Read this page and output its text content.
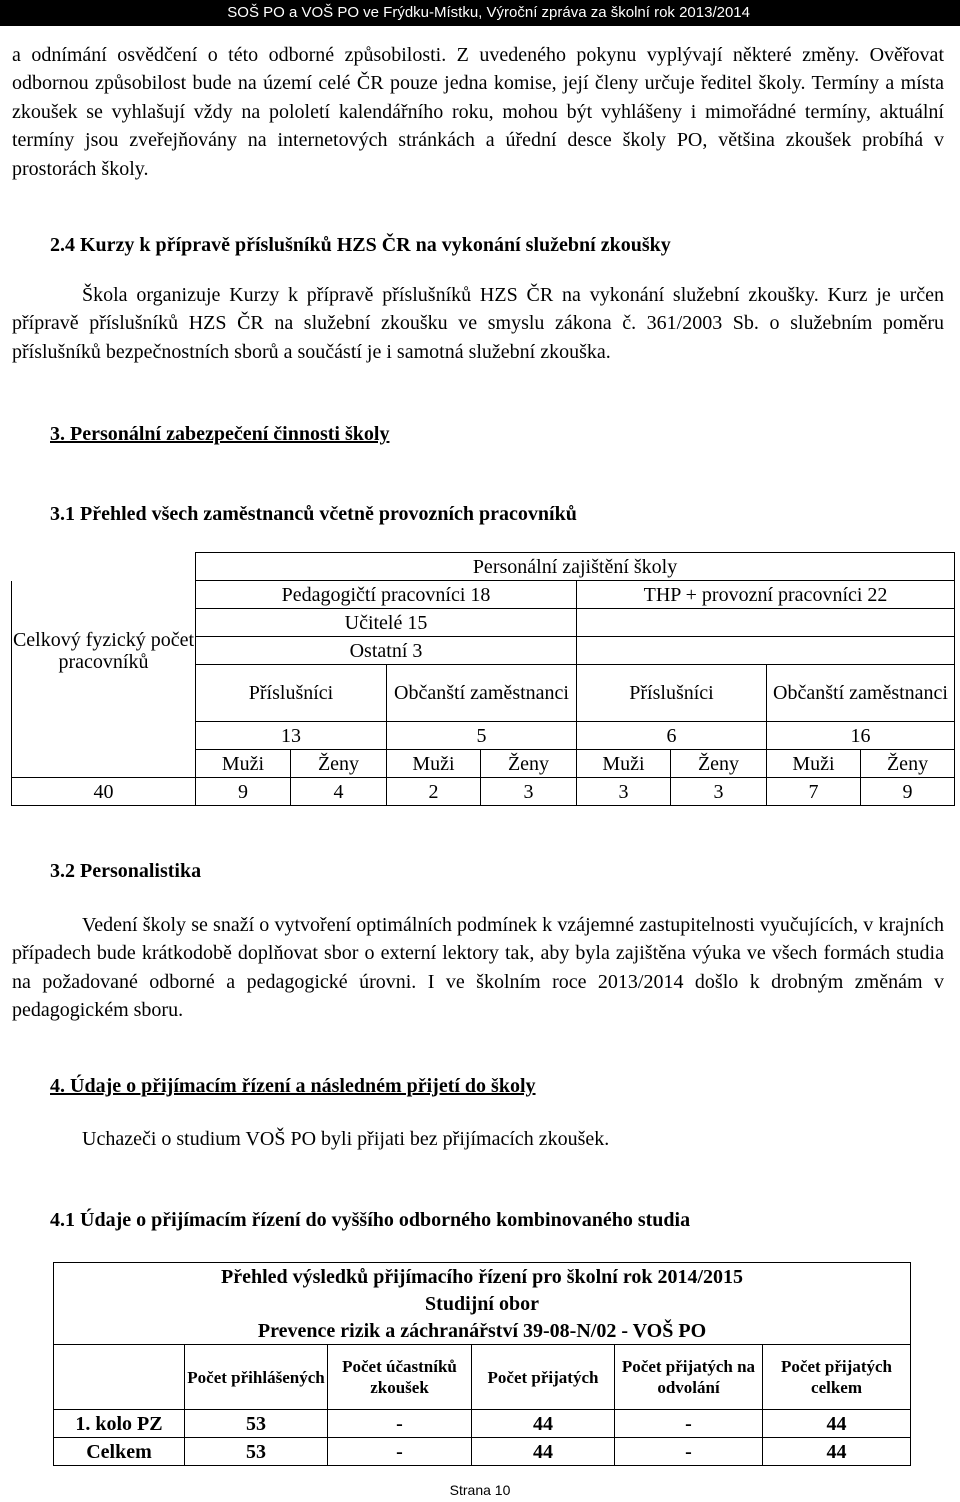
SOŠ PO a VOŠ PO ve Frýdku-Místku, Výroční zpráva za školní rok 2013/2014

a odnímání osvědčení o této odborné způsobilosti. Z uvedeného pokynu vyplývají některé změny. Ověřovat odbornou způsobilost bude na území celé ČR pouze jedna komise, její členy určuje ředitel školy. Termíny a místa zkoušek se vyhlašují vždy na pololetí kalendářního roku, mohou být vyhlášeny i mimořádné termíny, aktuální termíny jsou zveřejňovány na internetových stránkách a úřední desce školy PO, většina zkoušek probíhá v prostorách školy.

2.4 Kurzy k přípravě příslušníků HZS ČR na vykonání služební zkoušky

Škola organizuje Kurzy k přípravě příslušníků HZS ČR na vykonání služební zkoušky. Kurz je určen přípravě příslušníků HZS ČR na služební zkoušku ve smyslu zákona č. 361/2003 Sb. o služebním poměru příslušníků bezpečnostních sborů a součástí je i samotná služební zkouška.

3. Personální zabezpečení činnosti školy

3.1 Přehled všech zaměstnanců včetně provozních pracovníků

	Personální zajištění školy							
Celkový fyzický počet pracovníků	Pedagogičtí pracovníci 18				THP + provozní pracovníci 22			
	Učitelé 15							
	Ostatní 3							
	Příslušníci		Občanští zaměstnanci		Příslušníci		Občanští zaměstnanci	
	13		5		6		16	
	Muži	Ženy	Muži	Ženy	Muži	Ženy	Muži	Ženy
40	9	4	2	3	3	3	7	9

3.2 Personalistika

Vedení školy se snaží o vytvoření optimálních podmínek k vzájemné zastupitelnosti vyučujících, v krajních případech bude krátkodobě doplňovat sbor o externí lektory tak, aby byla zajištěna výuka ve všech formách studia na požadované odborné a pedagogické úrovni. I ve školním roce 2013/2014 došlo k drobným změnám v pedagogickém sboru.

4. Údaje o přijímacím řízení a následném přijetí do školy

Uchazeči o studium VOŠ PO byli přijati bez přijímacích zkoušek.

4.1 Údaje o přijímacím řízení do vyššího odborného kombinovaného studia

Přehled výsledků přijímacího řízení pro školní rok 2014/2015					
Studijní obor					
Prevence rizik a záchranářství 39-08-N/02 - VOŠ PO					
	Počet přihlášených	Počet účastníků zkoušek	Počet přijatých	Počet přijatých na odvolání	Počet přijatých celkem
1. kolo PZ	53	-	44	-	44
Celkem	53	-	44	-	44
Strana 10
